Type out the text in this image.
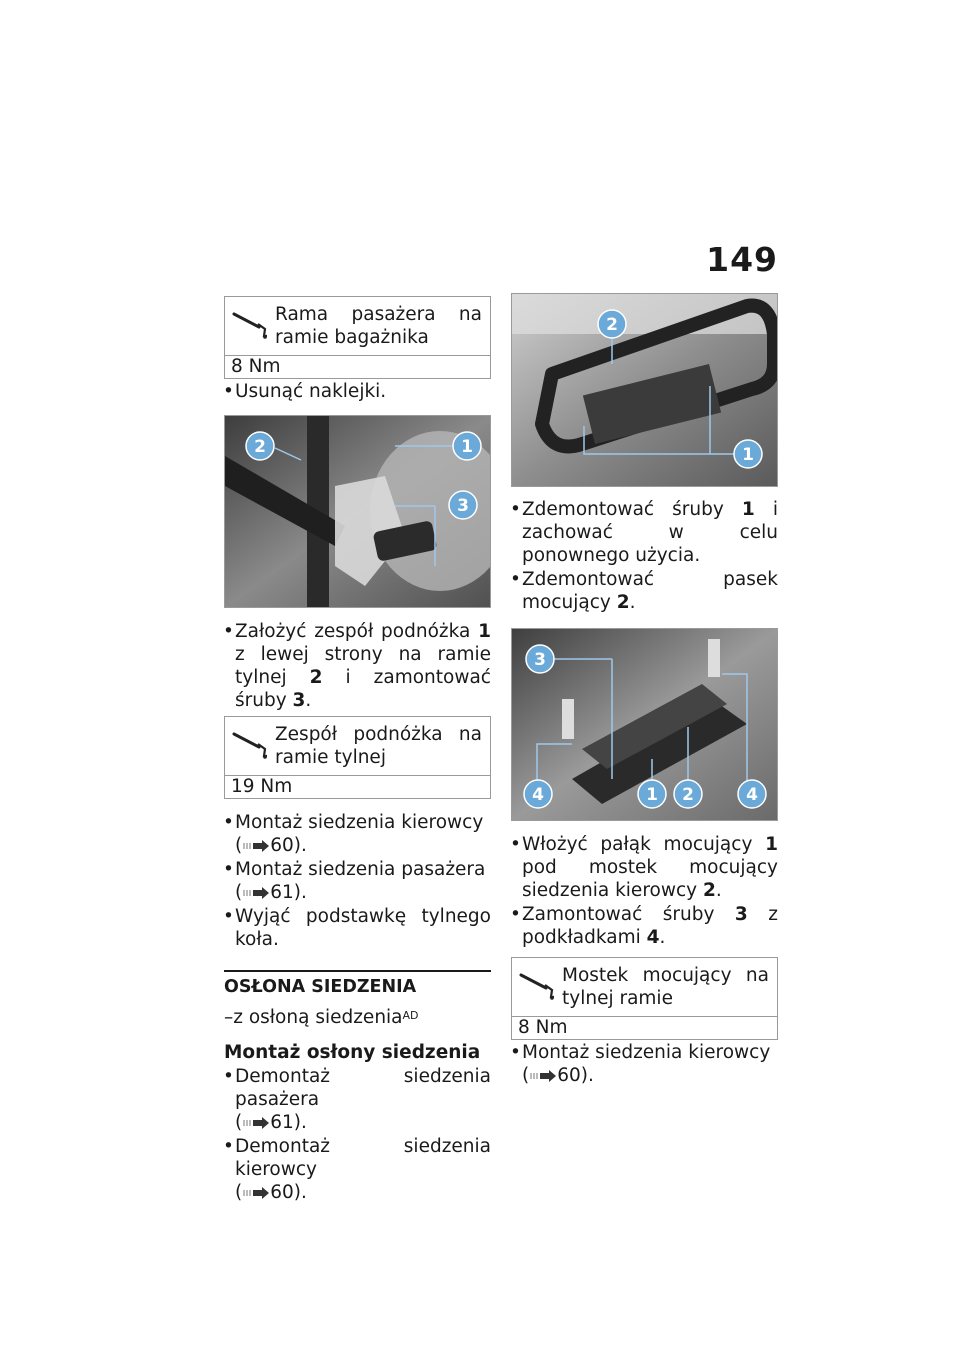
149
Rama pasażera na ramie bagażnika
8 Nm
• Usunąć naklejki.
1
2
3
• Założyć zespół podnóżka 1 z lewej strony na ramie tylnej 2 i zamontować śruby 3.
Zespół podnóżka na ramie tylnej
19 Nm
• Montaż siedzenia kierowcy
( 60).
• Montaż siedzenia pasażera
( 61).
• Wyjąć podstawkę tylnego koła.
OSŁONA SIEDZENIA
–z osłoną siedzenia$^{AD}$
Montaż osłony siedzenia
• Demontaż siedzenia pasażera
( 61).
• Demontaż siedzenia kierowcy
( 60).
2
1
• Zdemontować śruby 1 i zachować w celu ponownego użycia.
• Zdemontować pasek mocujący 2.
3
4	1 2	4
• Włożyć pałąk mocujący 1 pod mostek mocujący siedzenia kierowcy 2.
• Zamontować śruby 3 z podkładkami 4.
Mostek mocujący na tylnej ramie
8 Nm
• Montaż siedzenia kierowcy
( 60).
